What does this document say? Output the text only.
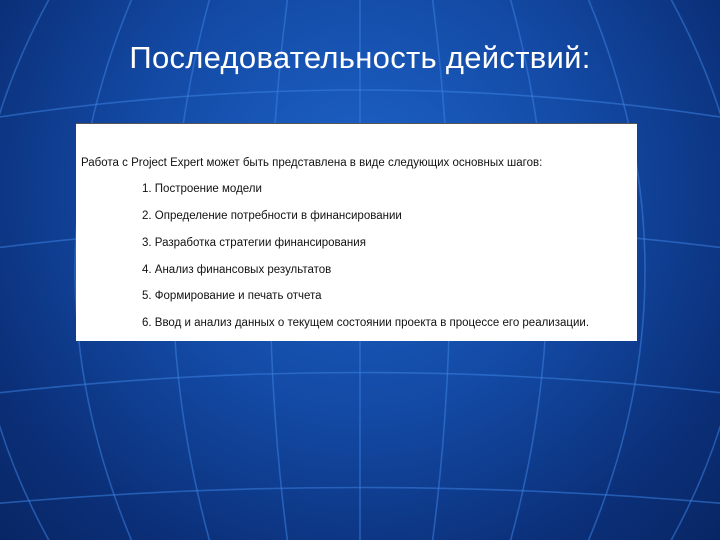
Последовательность действий:
Работа с Project Expert может быть представлена в виде следующих основных шагов:
1. Построение модели
2. Определение потребности в финансировании
3. Разработка стратегии финансирования
4. Анализ финансовых результатов
5. Формирование и печать отчета
6. Ввод и анализ данных о текущем состоянии проекта в процессе его реализации.
